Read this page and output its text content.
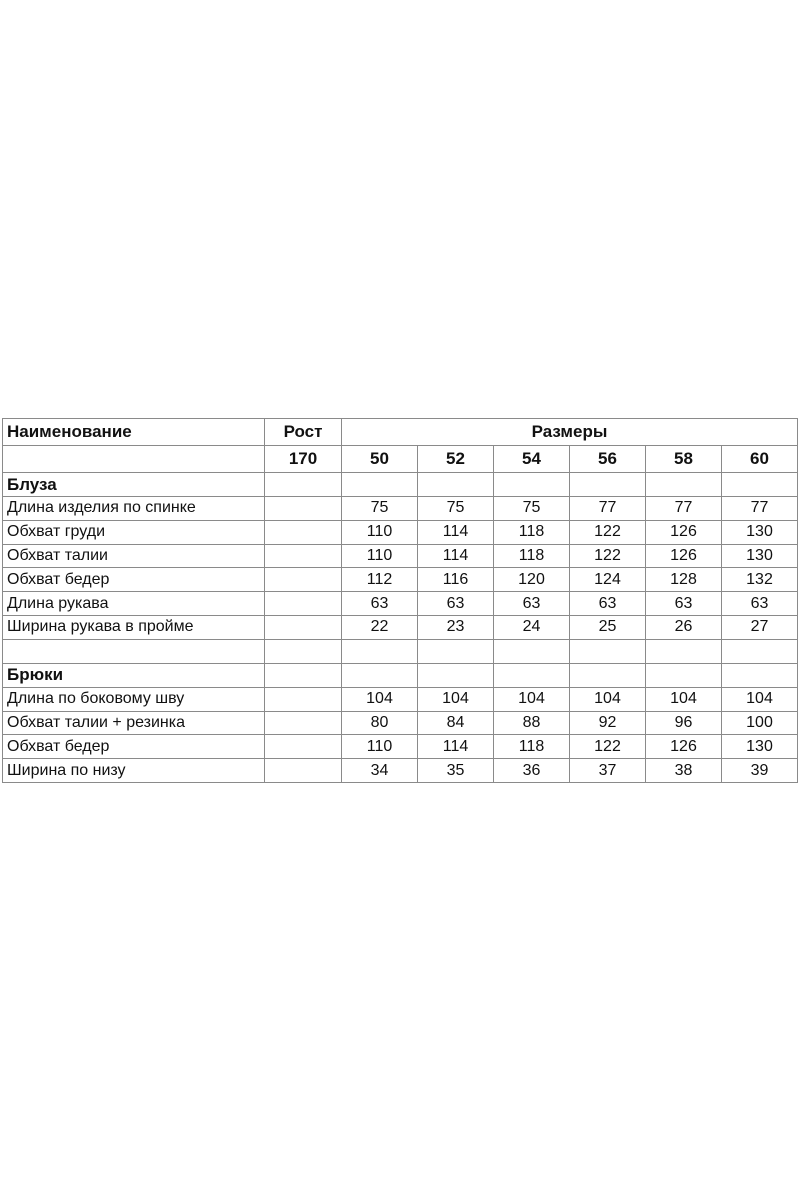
Наименование	Рост	Размеры					
	170	50	52	54	56	58	60
Блуза							
Длина изделия по спинке		75	75	75	77	77	77
Обхват груди		110	114	118	122	126	130
Обхват талии		110	114	118	122	126	130
Обхват бедер		112	116	120	124	128	132
Длина рукава		63	63	63	63	63	63
Ширина рукава в пройме		22	23	24	25	26	27

Брюки							
Длина по боковому шву		104	104	104	104	104	104
Обхват талии + резинка		80	84	88	92	96	100
Обхват бедер		110	114	118	122	126	130
Ширина по низу		34	35	36	37	38	39
